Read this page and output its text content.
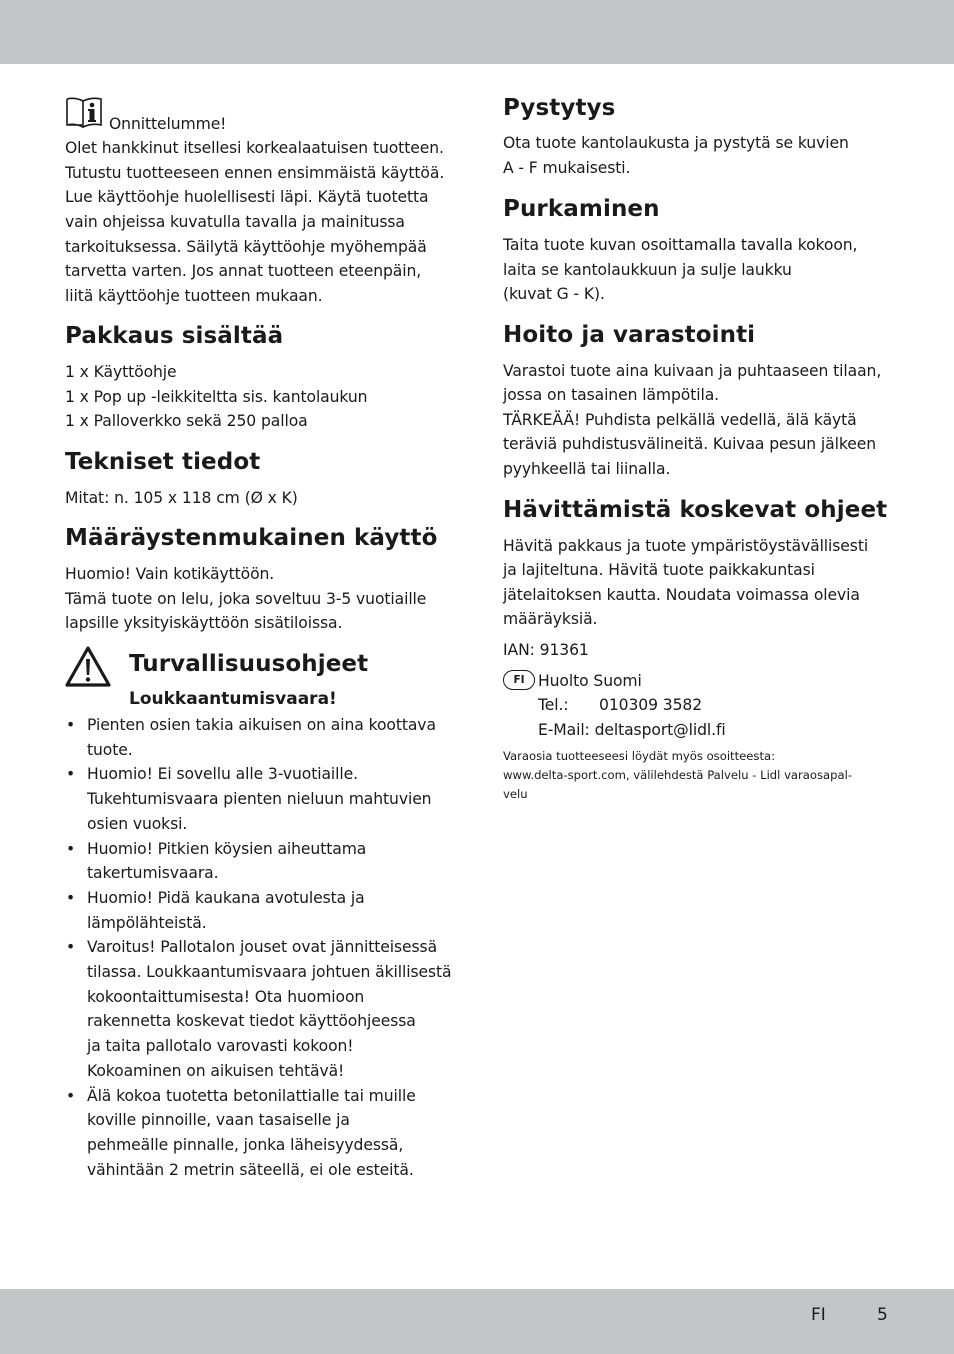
Onnittelumme!
Olet hankkinut itsellesi korkealaatuisen tuotteen.
Tutustu tuotteeseen ennen ensimmäistä käyttöä.
Lue käyttöohje huolellisesti läpi. Käytä tuotetta
vain ohjeissa kuvatulla tavalla ja mainitussa
tarkoituksessa. Säilytä käyttöohje myöhempää
tarvetta varten. Jos annat tuotteen eteenpäin,
liitä käyttöohje tuotteen mukaan.
Pakkaus sisältää
1 x Käyttöohje
1 x Pop up -leikkiteltta sis. kantolaukun
1 x Palloverkko sekä 250 palloa
Tekniset tiedot
Mitat: n. 105 x 118 cm (Ø x K)
Määräystenmukainen käyttö
Huomio! Vain kotikäyttöön.
Tämä tuote on lelu, joka soveltuu 3-5 vuotiaille
lapsille yksityiskäyttöön sisätiloissa.
Turvallisuusohjeet
Loukkaantumisvaara!
• Pienten osien takia aikuisen on aina koottava
tuote.
• Huomio! Ei sovellu alle 3-vuotiaille.
Tukehtumisvaara pienten nieluun mahtuvien
osien vuoksi.
• Huomio! Pitkien köysien aiheuttama
takertumisvaara.
• Huomio! Pidä kaukana avotulesta ja
lämpölähteistä.
• Varoitus! Pallotalon jouset ovat jännitteisessä
tilassa. Loukkaantumisvaara johtuen äkillisestä
kokoontaittumisesta! Ota huomioon
rakennetta koskevat tiedot käyttöohjeessa
ja taita pallotalo varovasti kokoon!
Kokoaminen on aikuisen tehtävä!
• Älä kokoa tuotetta betonilattialle tai muille
koville pinnoille, vaan tasaiselle ja
pehmeälle pinnalle, jonka läheisyydessä,
vähintään 2 metrin säteellä, ei ole esteitä.
Pystytys
Ota tuote kantolaukusta ja pystytä se kuvien
A - F mukaisesti.
Purkaminen
Taita tuote kuvan osoittamalla tavalla kokoon,
laita se kantolaukkuun ja sulje laukku
(kuvat G - K).
Hoito ja varastointi
Varastoi tuote aina kuivaan ja puhtaaseen tilaan,
jossa on tasainen lämpötila.
TÄRKEÄÄ! Puhdista pelkällä vedellä, älä käytä
teräviä puhdistusvälineitä. Kuivaa pesun jälkeen
pyyhkeellä tai liinalla.
Hävittämistä koskevat ohjeet
Hävitä pakkaus ja tuote ympäristöystävällisesti
ja lajiteltuna. Hävitä tuote paikkakuntasi
jätelaitoksen kautta. Noudata voimassa olevia
määräyksiä.
IAN: 91361
FI Huolto Suomi
Tel.: 010309 3582
E-Mail: deltasport@lidl.fi
Varaosia tuotteeseesi löydät myös osoitteesta:
www.delta-sport.com, välilehdestä Palvelu - Lidl varaosapal-
velu
FI	5
